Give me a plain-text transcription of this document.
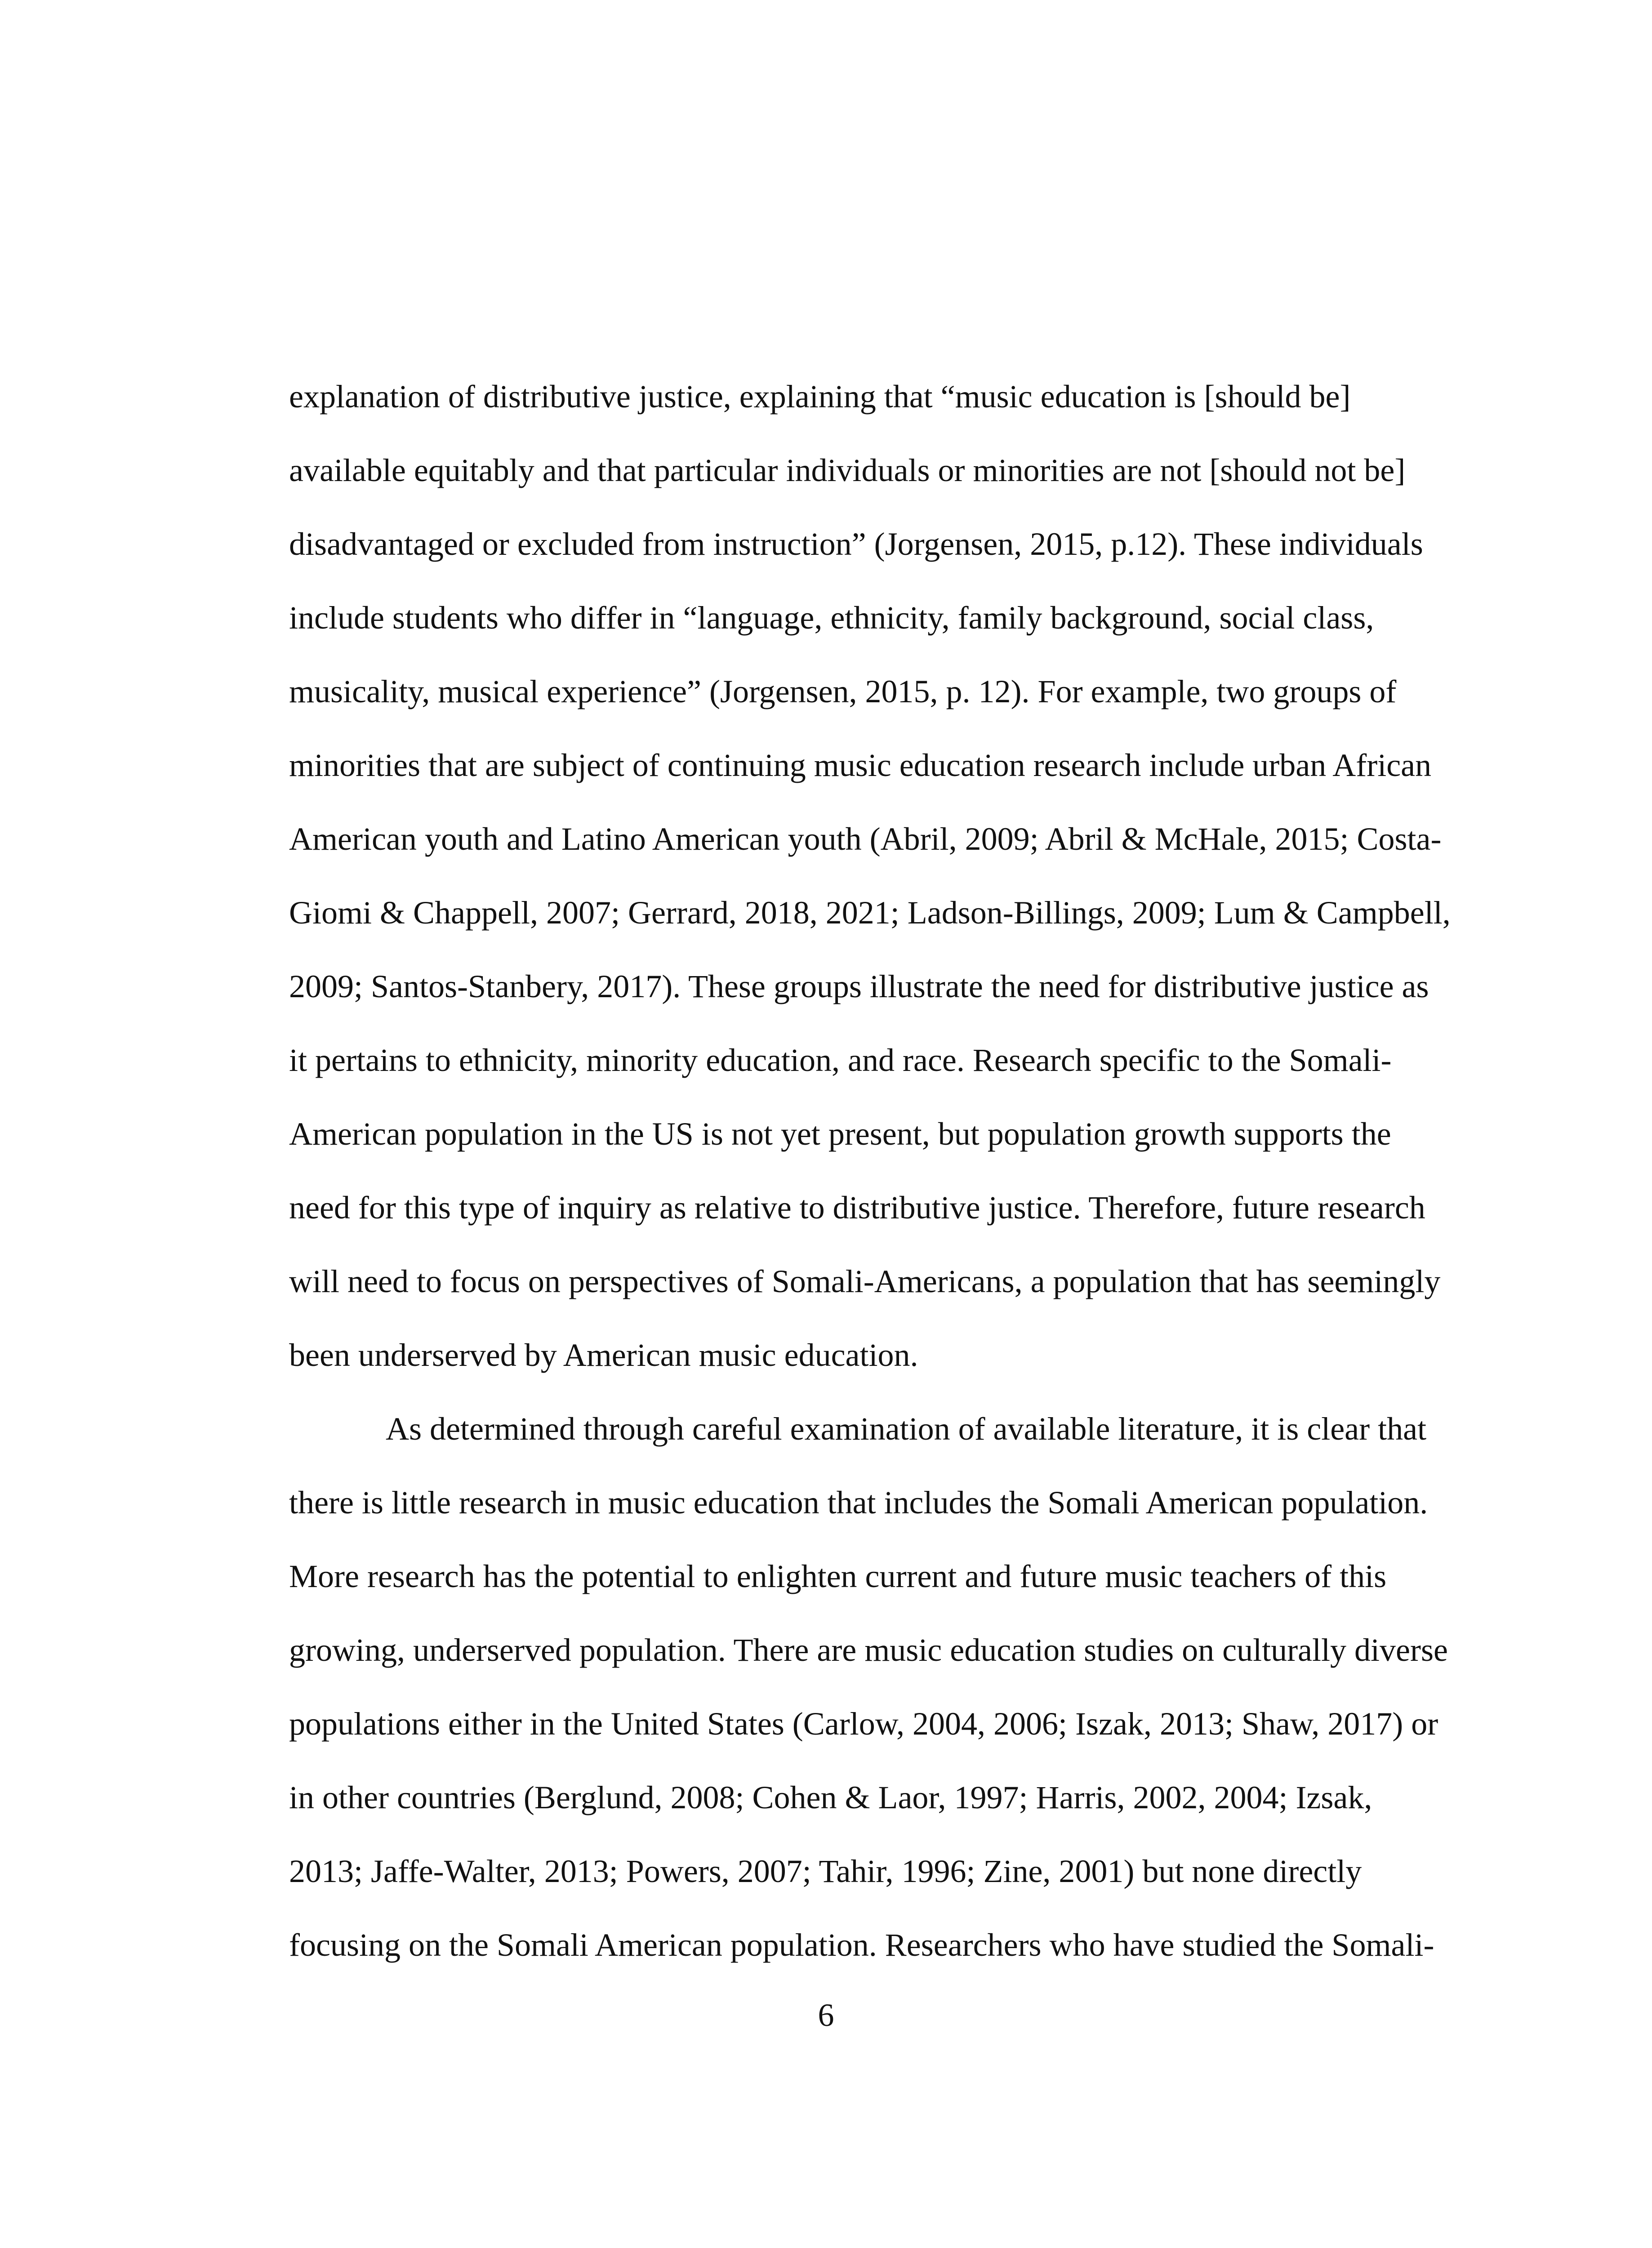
explanation of distributive justice, explaining that “music education is [should be]
available equitably and that particular individuals or minorities are not [should not be]
disadvantaged or excluded from instruction” (Jorgensen, 2015, p.12). These individuals
include students who differ in “language, ethnicity, family background, social class,
musicality, musical experience” (Jorgensen, 2015, p. 12). For example, two groups of
minorities that are subject of continuing music education research include urban African
American youth and Latino American youth (Abril, 2009; Abril & McHale, 2015; Costa-
Giomi & Chappell, 2007; Gerrard, 2018, 2021; Ladson-Billings, 2009; Lum & Campbell,
2009; Santos-Stanbery, 2017). These groups illustrate the need for distributive justice as
it pertains to ethnicity, minority education, and race. Research specific to the Somali-
American population in the US is not yet present, but population growth supports the
need for this type of inquiry as relative to distributive justice. Therefore, future research
will need to focus on perspectives of Somali-Americans, a population that has seemingly
been underserved by American music education.
As determined through careful examination of available literature, it is clear that
there is little research in music education that includes the Somali American population.
More research has the potential to enlighten current and future music teachers of this
growing, underserved population. There are music education studies on culturally diverse
populations either in the United States (Carlow, 2004, 2006; Iszak, 2013; Shaw, 2017) or
in other countries (Berglund, 2008; Cohen & Laor, 1997; Harris, 2002, 2004; Izsak,
2013; Jaffe-Walter, 2013; Powers, 2007; Tahir, 1996; Zine, 2001) but none directly
focusing on the Somali American population. Researchers who have studied the Somali-
6
